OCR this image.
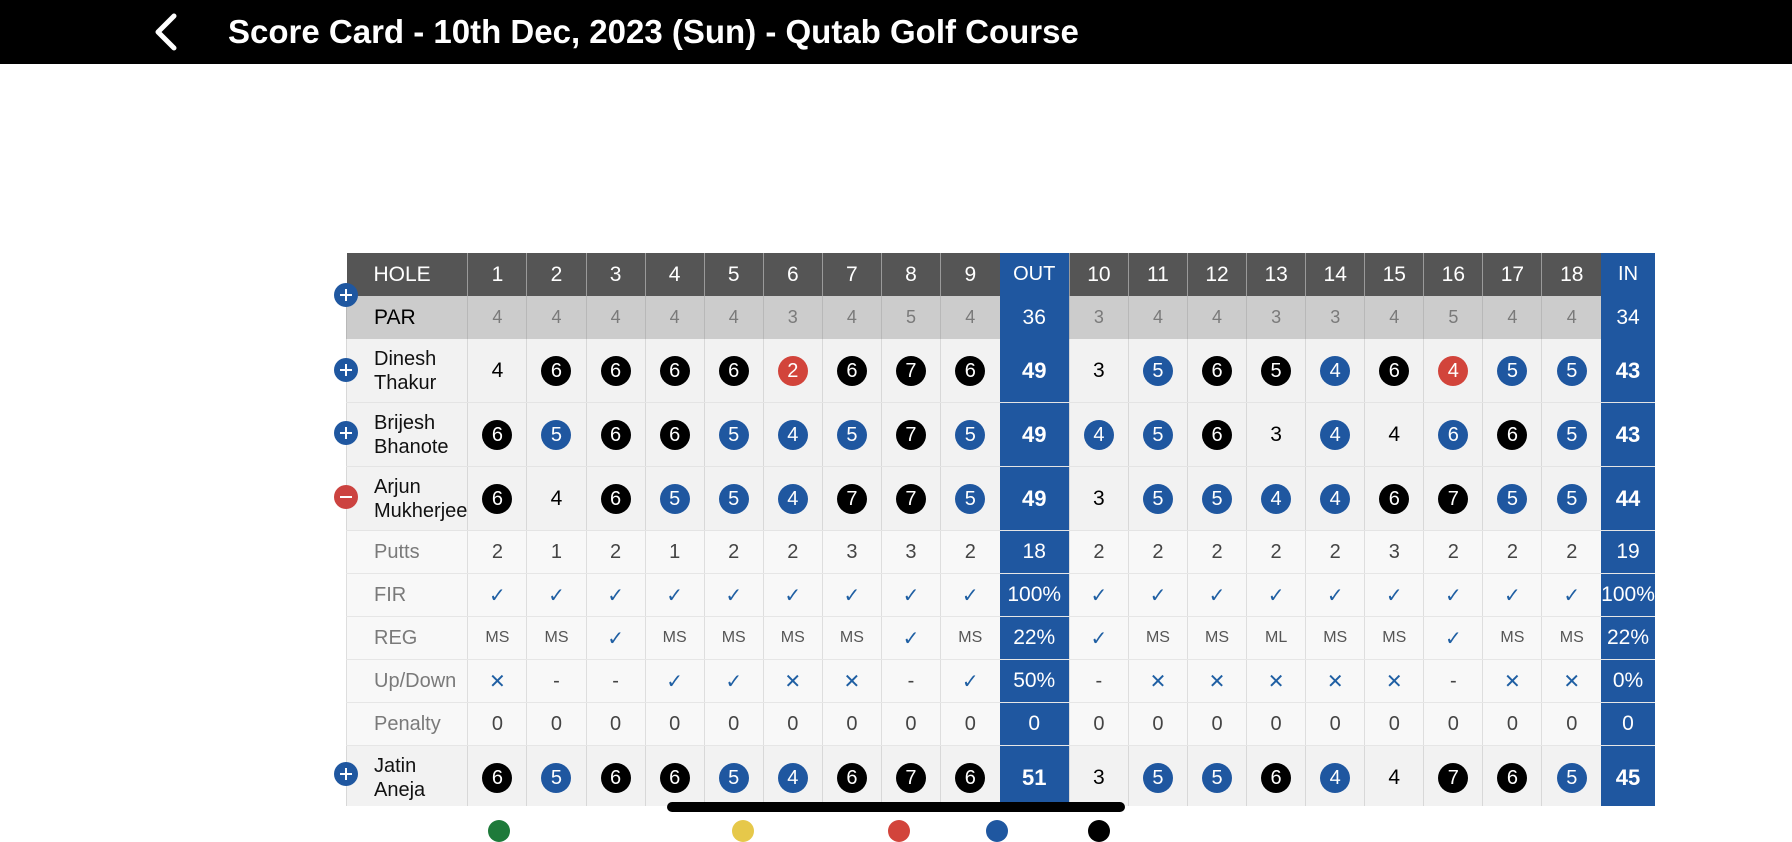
Score Card - 10th Dec, 2023 (Sun) - Qutab Golf Course
HOLE	1	2	3	4	5	6	7	8	9	OUT	10	11	12	13	14	15	16	17	18	IN
PAR	4	4	4	4	4	3	4	5	4	36	3	4	4	3	3	4	5	4	4	34
Dinesh Thakur	4	6	6	6	6	2	6	7	6	49	3	5	6	5	4	6	4	5	5	43
Brijesh Bhanote	6	5	6	6	5	4	5	7	5	49	4	5	6	3	4	4	6	6	5	43
Arjun Mukherjee	6	4	6	5	5	4	7	7	5	49	3	5	5	4	4	6	7	5	5	44
Putts	2	1	2	1	2	2	3	3	2	18	2	2	2	2	2	3	2	2	2	19
FIR	✓	✓	✓	✓	✓	✓	✓	✓	✓	100%	✓	✓	✓	✓	✓	✓	✓	✓	✓	100%
REG	MS	MS	✓	MS	MS	MS	MS	✓	MS	22%	✓	MS	MS	ML	MS	MS	✓	MS	MS	22%
Up/Down	✕	-	-	✓	✓	✕	✕	-	✓	50%	-	✕	✕	✕	✕	✕	-	✕	✕	0%
Penalty	0	0	0	0	0	0	0	0	0	0	0	0	0	0	0	0	0	0	0	0
Jatin Aneja	6	5	6	6	5	4	6	7	6	51	3	5	5	6	4	4	7	6	5	45
